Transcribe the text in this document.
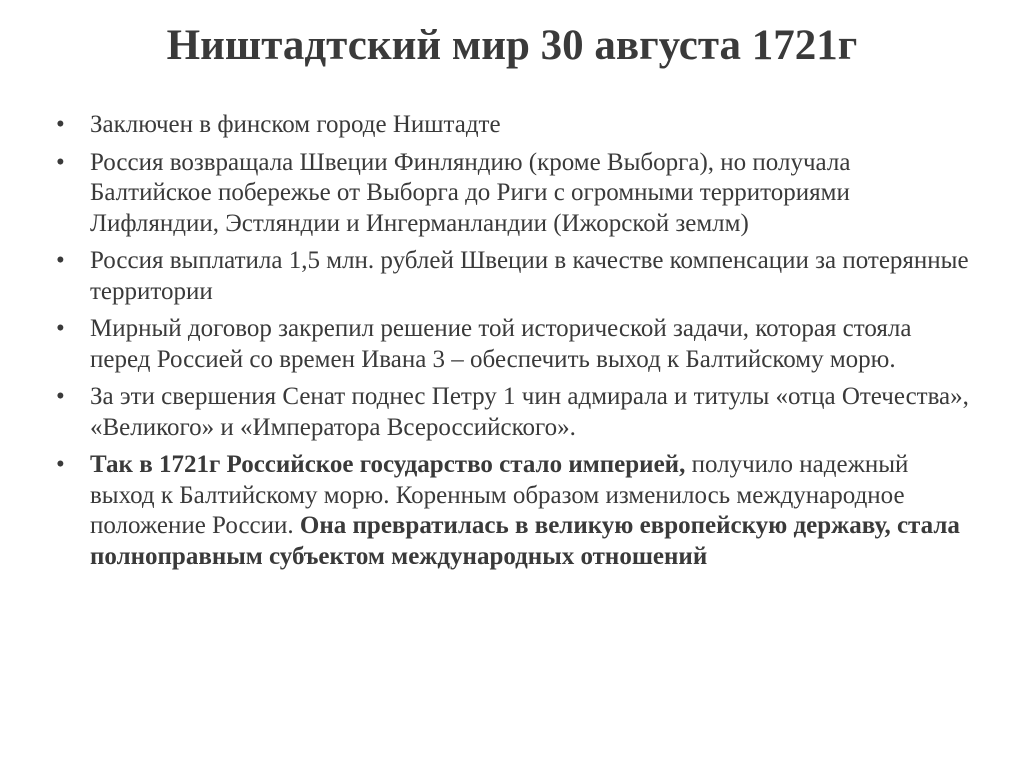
Ништадтский мир 30 августа 1721г
• Заключен в финском городе Ништадте
• Россия возвращала Швеции Финляндию (кроме Выборга), но получала Балтийское побережье от Выборга до Риги с огромными территориями Лифляндии, Эстляндии и Ингерманландии (Ижорской землм)
• Россия выплатила 1,5 млн. рублей Швеции в качестве компенсации за потерянные территории
• Мирный договор закрепил решение той исторической задачи, которая стояла перед Россией со времен Ивана 3 – обеспечить выход к Балтийскому морю.
• За эти свершения Сенат поднес Петру 1 чин адмирала и титулы «отца Отечества», «Великого» и «Императора Всероссийского».
• Так в 1721г Российское государство стало империей, получило надежный выход к Балтийскому морю. Коренным образом изменилось международное положение России. Она превратилась в великую европейскую державу, стала полноправным субъектом международных отношений
